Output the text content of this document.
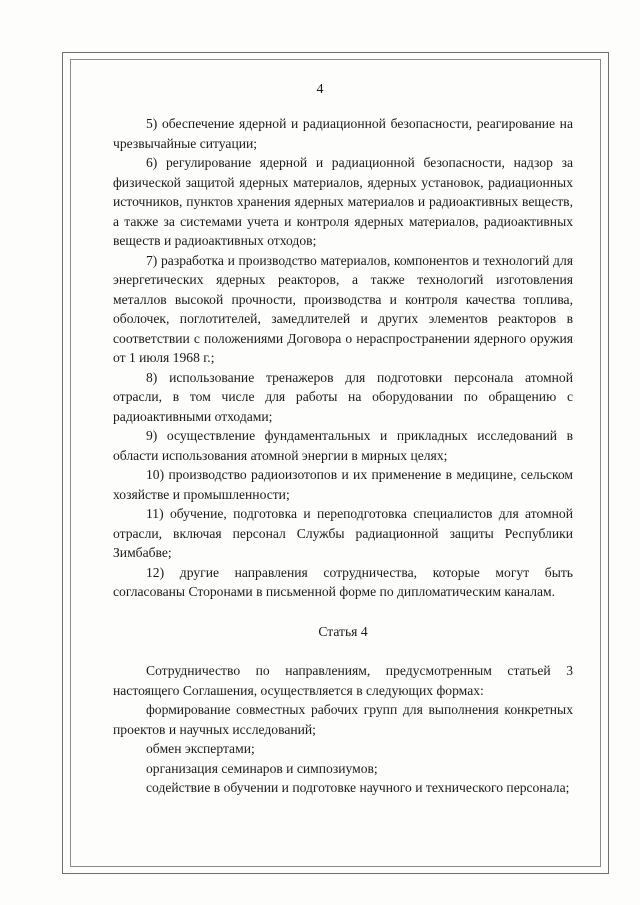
4

5) обеспечение ядерной и радиационной безопасности, реагирование на чрезвычайные ситуации;

6) регулирование ядерной и радиационной безопасности, надзор за физической защитой ядерных материалов, ядерных установок, радиационных источников, пунктов хранения ядерных материалов и радиоактивных веществ, а также за системами учета и контроля ядерных материалов, радиоактивных веществ и радиоактивных отходов;

7) разработка и производство материалов, компонентов и технологий для энергетических ядерных реакторов, а также технологий изготовления металлов высокой прочности, производства и контроля качества топлива, оболочек, поглотителей, замедлителей и других элементов реакторов в соответствии с положениями Договора о нераспространении ядерного оружия от 1 июля 1968 г.;

8) использование тренажеров для подготовки персонала атомной отрасли, в том числе для работы на оборудовании по обращению с радиоактивными отходами;

9) осуществление фундаментальных и прикладных исследований в области использования атомной энергии в мирных целях;

10) производство радиоизотопов и их применение в медицине, сельском хозяйстве и промышленности;

11) обучение, подготовка и переподготовка специалистов для атомной отрасли, включая персонал Службы радиационной защиты Республики Зимбабве;

12) другие направления сотрудничества, которые могут быть согласованы Сторонами в письменной форме по дипломатическим каналам.

Статья 4

Сотрудничество по направлениям, предусмотренным статьей 3 настоящего Соглашения, осуществляется в следующих формах:

формирование совместных рабочих групп для выполнения конкретных проектов и научных исследований;

обмен экспертами;

организация семинаров и симпозиумов;

содействие в обучении и подготовке научного и технического персонала;
